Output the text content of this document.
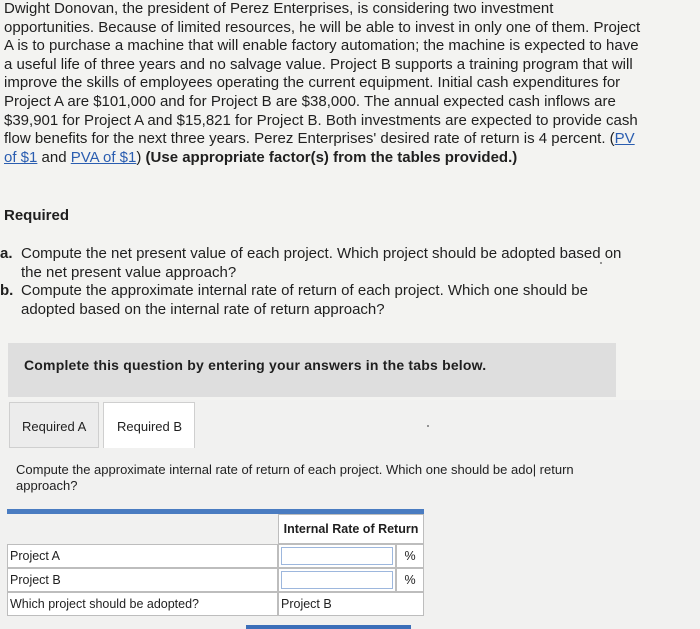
Dwight Donovan, the president of Perez Enterprises, is considering two investment opportunities. Because of limited resources, he will be able to invest in only one of them. Project A is to purchase a machine that will enable factory automation; the machine is expected to have a useful life of three years and no salvage value. Project B supports a training program that will improve the skills of employees operating the current equipment. Initial cash expenditures for Project A are $101,000 and for Project B are $38,000. The annual expected cash inflows are $39,901 for Project A and $15,821 for Project B. Both investments are expected to provide cash flow benefits for the next three years. Perez Enterprises' desired rate of return is 4 percent. (PV of $1 and PVA of $1) (Use appropriate factor(s) from the tables provided.)
Required
a. Compute the net present value of each project. Which project should be adopted based on the net present value approach?
b. Compute the approximate internal rate of return of each project. Which one should be adopted based on the internal rate of return approach?
Complete this question by entering your answers in the tabs below.
Required A Required B
Compute the approximate internal rate of return of each project. Which one should be ado| return approach?
Internal Rate of Return
Project A	%
Project B	%
Which project should be adopted?	Project B
